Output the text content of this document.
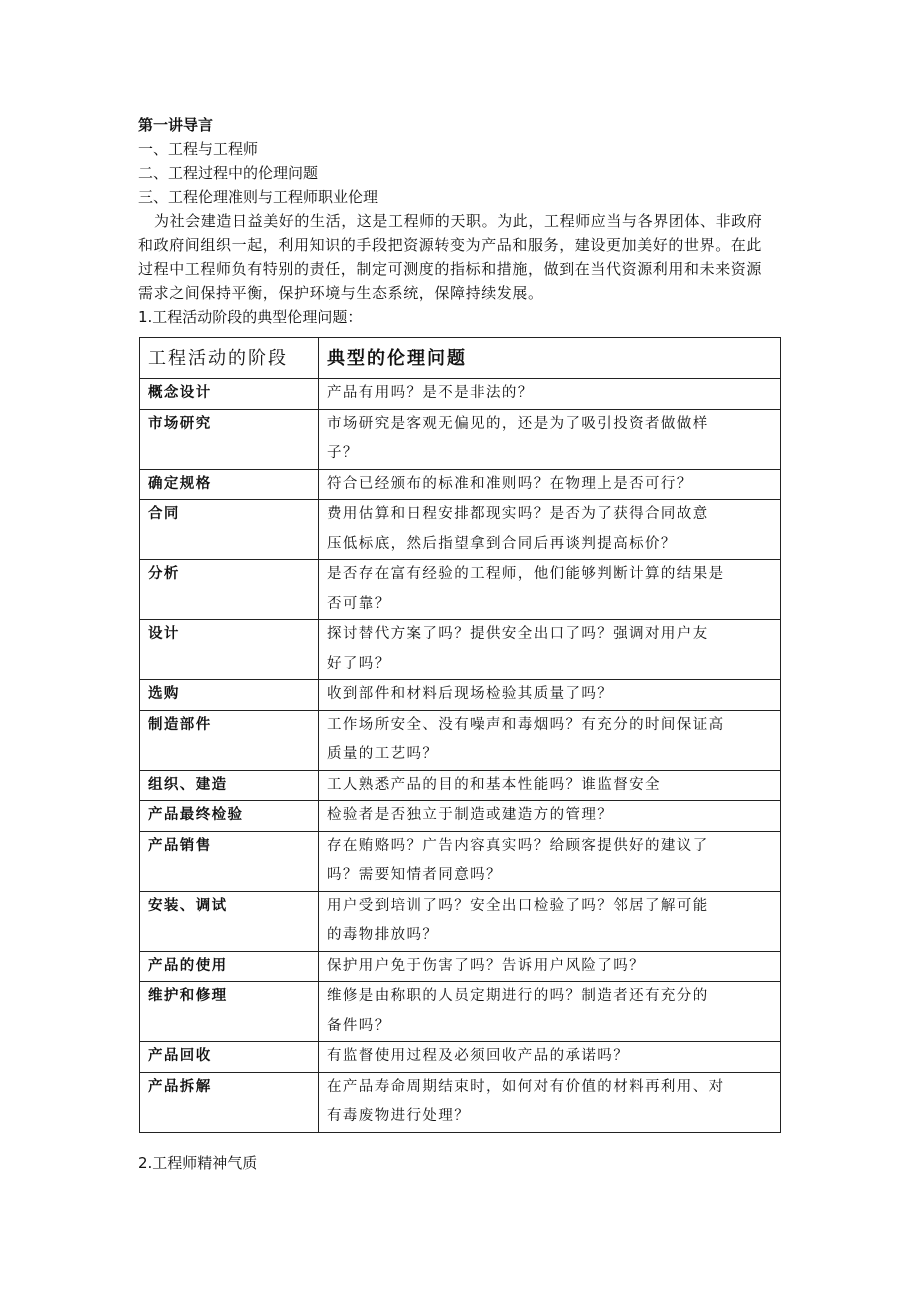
第一讲导言
一、工程与工程师
二、工程过程中的伦理问题
三、工程伦理准则与工程师职业伦理
为社会建造日益美好的生活，这是工程师的天职。为此，工程师应当与各界团体、非政府
和政府间组织一起，利用知识的手段把资源转变为产品和服务，建设更加美好的世界。在此
过程中工程师负有特别的责任，制定可测度的指标和措施，做到在当代资源利用和未来资源
需求之间保持平衡，保护环境与生态系统，保障持续发展。
1.工程活动阶段的典型伦理问题：
工程活动的阶段	典型的伦理问题
概念设计	产品有用吗？是不是非法的？

市场研究	市场研究是客观无偏见的，还是为了吸引投资者做做样
子？

确定规格	符合已经颁布的标准和准则吗？在物理上是否可行？

合同	费用估算和日程安排都现实吗？是否为了获得合同故意
压低标底，然后指望拿到合同后再谈判提高标价？

分析	是否存在富有经验的工程师，他们能够判断计算的结果是
否可靠？

设计	探讨替代方案了吗？提供安全出口了吗？强调对用户友
好了吗？

选购	收到部件和材料后现场检验其质量了吗？

制造部件	工作场所安全、没有噪声和毒烟吗？有充分的时间保证高
质量的工艺吗？

组织、建造	工人熟悉产品的目的和基本性能吗？谁监督安全

产品最终检验	检验者是否独立于制造或建造方的管理？

产品销售	存在贿赂吗？广告内容真实吗？给顾客提供好的建议了
吗？需要知情者同意吗？

安装、调试	用户受到培训了吗？安全出口检验了吗？邻居了解可能
的毒物排放吗？

产品的使用	保护用户免于伤害了吗？告诉用户风险了吗？

维护和修理	维修是由称职的人员定期进行的吗？制造者还有充分的
备件吗？

产品回收	有监督使用过程及必须回收产品的承诺吗？

产品拆解	在产品寿命周期结束时，如何对有价值的材料再利用、对
有毒废物进行处理？
2.工程师精神气质
